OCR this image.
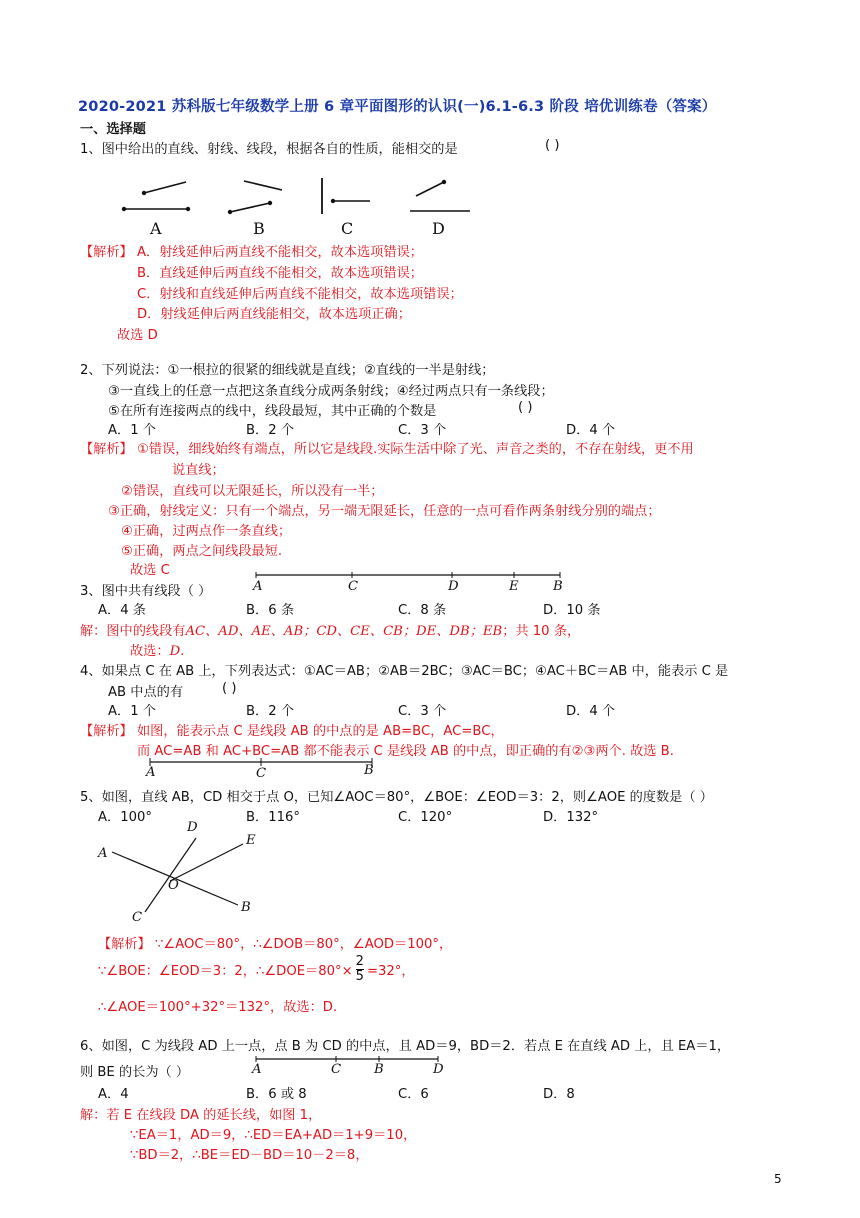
2020-2021 苏科版七年级数学上册 6 章平面图形的认识(一)6.1-6.3 阶段 培优训练卷（答案）
一、选择题
1、图中给出的直线、射线、线段，根据各自的性质，能相交的是	( )
A	B	C	D
【解析】 A．射线延伸后两直线不能相交，故本选项错误；
B．直线延伸后两直线不能相交，故本选项错误；
C．射线和直线延伸后两直线不能相交，故本选项错误；
D．射线延伸后两直线能相交，故本选项正确；
故选 D
2、下列说法：①一根拉的很紧的细线就是直线；②直线的一半是射线；
③一直线上的任意一点把这条直线分成两条射线；④经过两点只有一条线段；
⑤在所有连接两点的线中，线段最短，其中正确的个数是	( )
A．1 个	B．2 个	C．3 个	D．4 个
【解析】 ①错误，细线始终有端点，所以它是线段.实际生活中除了光、声音之类的，不存在射线，更不用
说直线；
②错误，直线可以无限延长，所以没有一半；
③正确，射线定义：只有一个端点，另一端无限延长，任意的一点可看作两条射线分别的端点；
④正确，过两点作一条直线；
⑤正确，两点之间线段最短.
故选 C
3、图中共有线段（ ）	A	C	D	E	B
A．4 条	B．6 条	C．8 条	D．10 条
解：图中的线段有AC、AD、AE、AB；CD、CE、CB；DE、DB；EB；共 10 条，
故选：D.
4、如果点 C 在 AB 上，下列表达式：①AC＝AB；②AB＝2BC；③AC＝BC；④AC＋BC＝AB 中，能表示 C 是
AB 中点的有	( )
A．1 个	B．2 个	C．3 个	D．4 个
【解析】 如图，能表示点 C 是线段 AB 的中点的是 AB=BC，AC=BC，
而 AC=AB 和 AC+BC=AB 都不能表示 C 是线段 AB 的中点，即正确的有②③两个. 故选 B.
A	C	B
5、如图，直线 AB，CD 相交于点 O，已知∠AOC＝80°，∠BOE：∠EOD＝3：2，则∠AOE 的度数是（ ）
A．100°	B．116°	C．120°	D．132°
D
E
A
O
B
C
【解析】 ∵∠AOC＝80°，∴∠DOB＝80°，∠AOD＝100°，
∵∠BOE：∠EOD＝3：2，∴∠DOE＝80°× $\frac{2}{5} =32^\circ$，
∴∠AOE＝100°+32°＝132°，故选：D.
6、如图，C 为线段 AD 上一点，点 B 为 CD 的中点，且 AD＝9，BD＝2．若点 E 在直线 AD 上，且 EA＝1，
则 BE 的长为（ ）	A	C B	D
A．4	B．6 或 8	C．6	D．8
解：若 E 在线段 DA 的延长线，如图 1，
∵EA＝1，AD＝9，∴ED＝EA+AD＝1+9＝10，
∵BD＝2，∴BE＝ED－BD＝10－2＝8，
5
